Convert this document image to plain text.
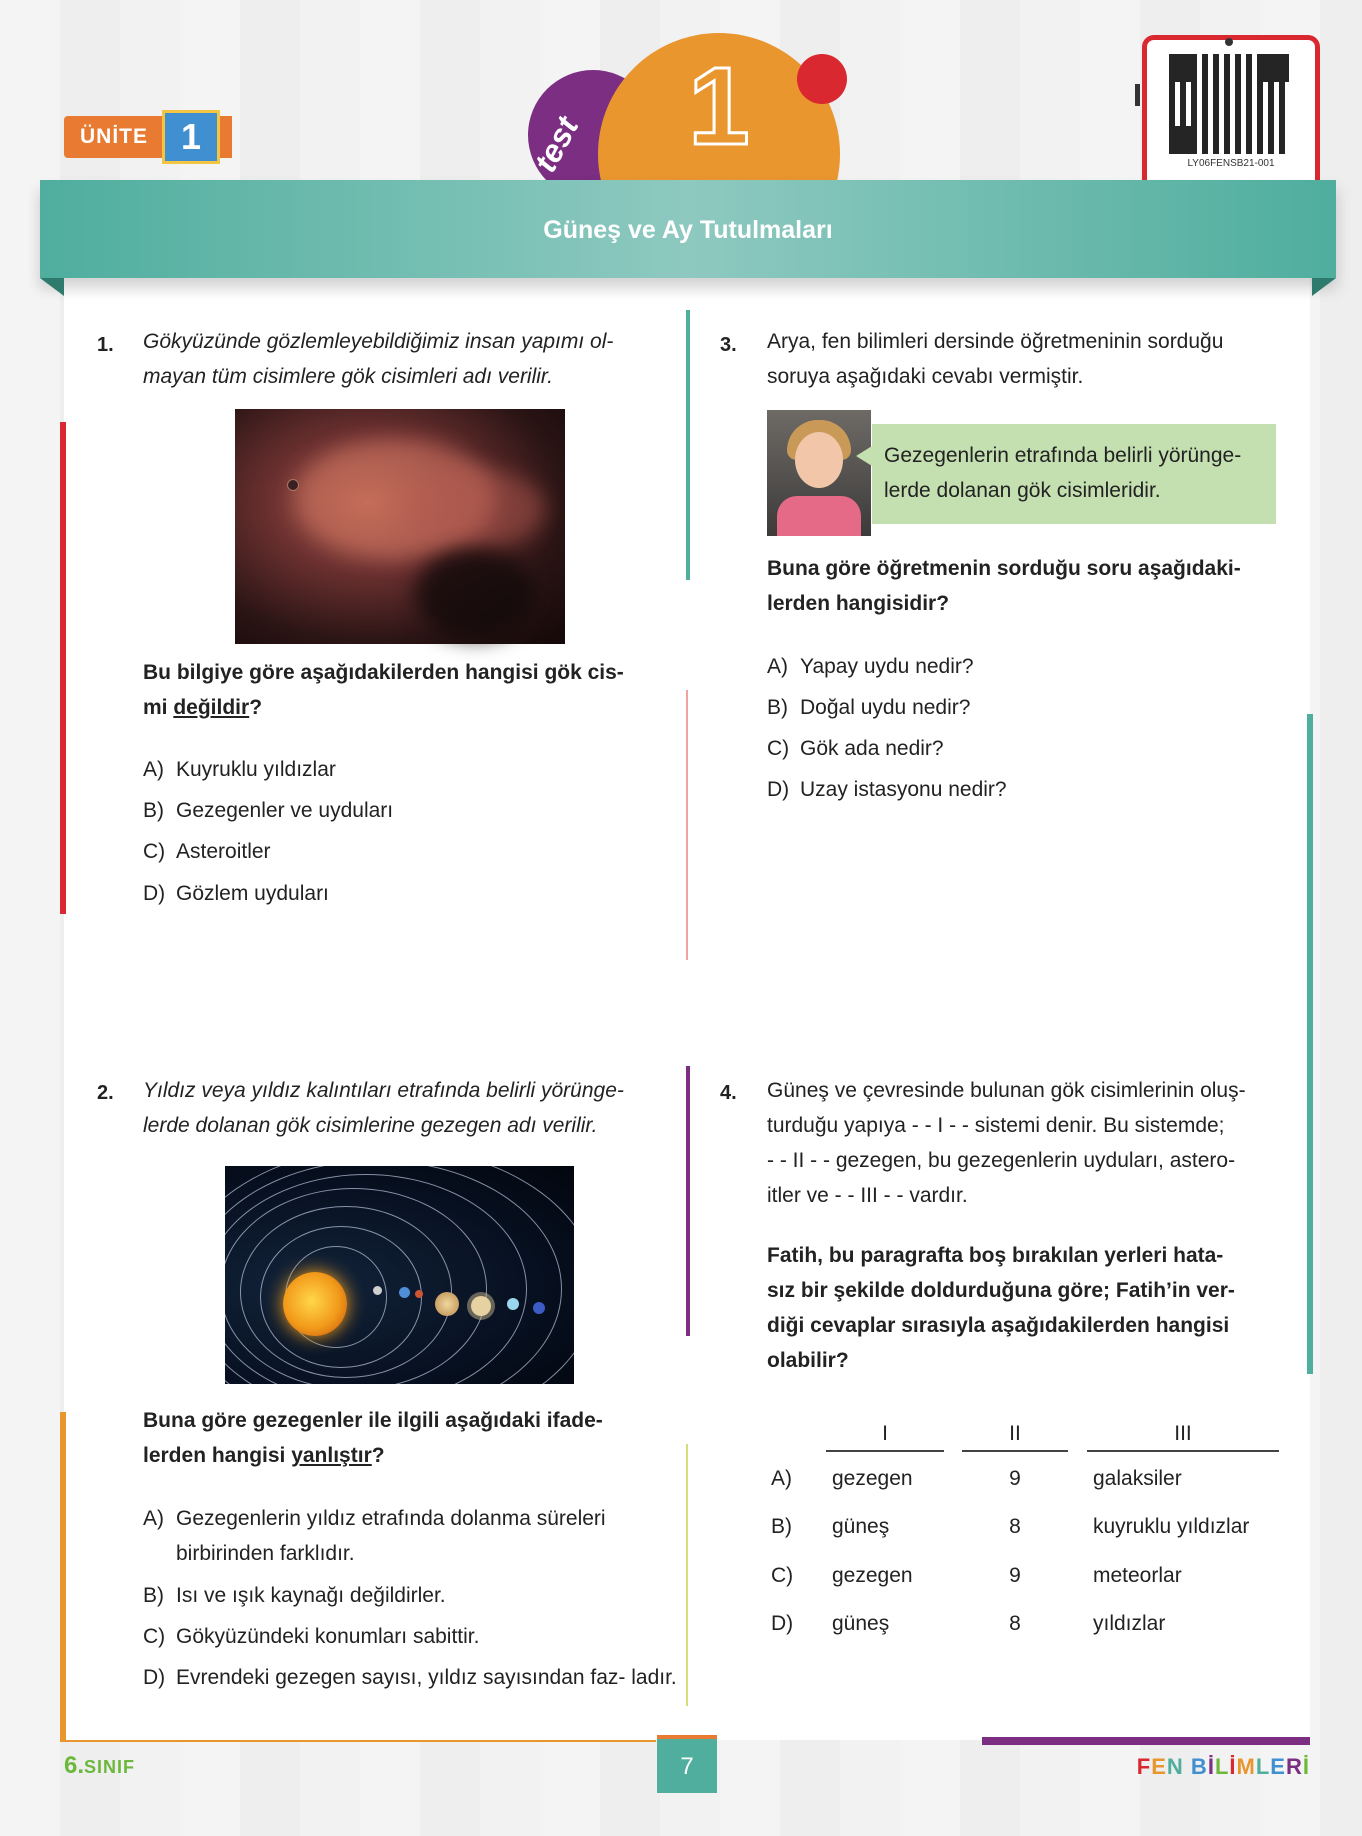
ÜNİTE 1	test 1	LY06FENSB21-001
Güneş ve Ay Tutulmaları
1. Gökyüzünde gözlemleyebildiğimiz insan yapımı ol-
mayan tüm cisimlere gök cisimleri adı verilir.
Bu bilgiye göre aşağıdakilerden hangisi gök cis-
mi değildir?
A) Kuyruklu yıldızlar
B) Gezegenler ve uyduları
C) Asteroitler
D) Gözlem uyduları
2. Yıldız veya yıldız kalıntıları etrafında belirli yörünge-
lerde dolanan gök cisimlerine gezegen adı verilir.
Buna göre gezegenler ile ilgili aşağıdaki ifade-
lerden hangisi yanlıştır?
A) Gezegenlerin yıldız etrafında dolanma süreleri birbirinden farklıdır.
B) Isı ve ışık kaynağı değildirler.
C) Gökyüzündeki konumları sabittir.
D) Evrendeki gezegen sayısı, yıldız sayısından faz- ladır.
3. Arya, fen bilimleri dersinde öğretmeninin sorduğu
soruya aşağıdaki cevabı vermiştir.
Gezegenlerin etrafında belirli yörünge-
lerde dolanan gök cisimleridir.
Buna göre öğretmenin sorduğu soru aşağıdaki-
lerden hangisidir?
A) Yapay uydu nedir?
B) Doğal uydu nedir?
C) Gök ada nedir?
D) Uzay istasyonu nedir?
4. Güneş ve çevresinde bulunan gök cisimlerinin oluş-
turduğu yapıya - - I - - sistemi denir. Bu sistemde;
- - II - - gezegen, bu gezegenlerin uyduları, astero-
itler ve - - III - - vardır.
Fatih, bu paragrafta boş bırakılan yerleri hata-
sız bir şekilde doldurduğuna göre; Fatih’in ver-
diği cevaplar sırasıyla aşağıdakilerden hangisi
olabilir?
I	II	III
A) gezegen	9	galaksiler
B) güneş	8	kuyruklu yıldızlar
C) gezegen	9	meteorlar
D) güneş	8	yıldızlar
6.SINIF	7	FEN BİLİMLERİ
